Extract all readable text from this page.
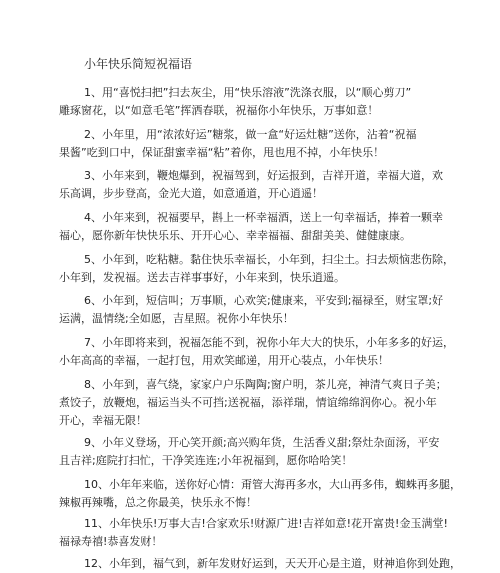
小年快乐简短祝福语
1、用“喜悦扫把”扫去灰尘，用“快乐溶液”洗涤衣服，以“顺心剪刀”
雕琢窗花，以“如意毛笔”挥洒春联，祝福你小年快乐，万事如意！
2、小年里，用“浓浓好运”糖浆，做一盒“好运灶糖”送你，沾着“祝福
果酱”吃到口中，保证甜蜜幸福“粘”着你，甩也甩不掉，小年快乐！
3、小年来到，鞭炮爆到，祝福驾到，好运报到，吉祥开道，幸福大道，欢
乐高调，步步登高，金光大道，如意通道，开心逍遥！
4、小年来到，祝福要早，斟上一杯幸福酒，送上一句幸福话，捧着一颗幸
福心，愿你新年快快乐乐、开开心心、幸幸福福、甜甜美美、健健康康。
5、小年到，吃粘糖。黏住快乐幸福长，小年到，扫尘土。扫去烦恼悲伤除，
小年到，发祝福。送去吉祥事事好，小年来到，快乐逍遥。
6、小年到，短信叫；万事顺，心欢笑;健康来，平安到;福禄至，财宝罩;好
运满，温情绕;全如愿，吉星照。祝你小年快乐！
7、小年即将来到，祝福怎能不到，祝你小年大大的快乐，小年多多的好运，
小年高高的幸福，一起打包，用欢笑邮递，用开心装点，小年快乐！
8、小年到，喜气绕，家家户户乐陶陶;窗户明，茶儿亮，神清气爽日子美；
煮饺子，放鞭炮，福运当头不可挡;送祝福，添祥瑞，情谊绵绵润你心。祝小年
开心，幸福无限！
9、小年义登场，开心笑开颜;高兴购年货，生活香义甜;祭灶杂面汤，平安
且吉祥;庭院打扫忙，干净笑连连;小年祝福到，愿你哈哈笑！
10、小年年来临，送你好心情：甭管大海再多水，大山再多伟，蜘蛛再多腿，
辣椒再辣嘴，总之你最美，快乐永不悔！
11、小年快乐!万事大吉!合家欢乐!财源广进!吉祥如意!花开富贵!金玉满堂!
福禄寿禧!恭喜发财！
12、小年到，福气到，新年发财好运到，天天开心是主道，财神追你到处跑，
